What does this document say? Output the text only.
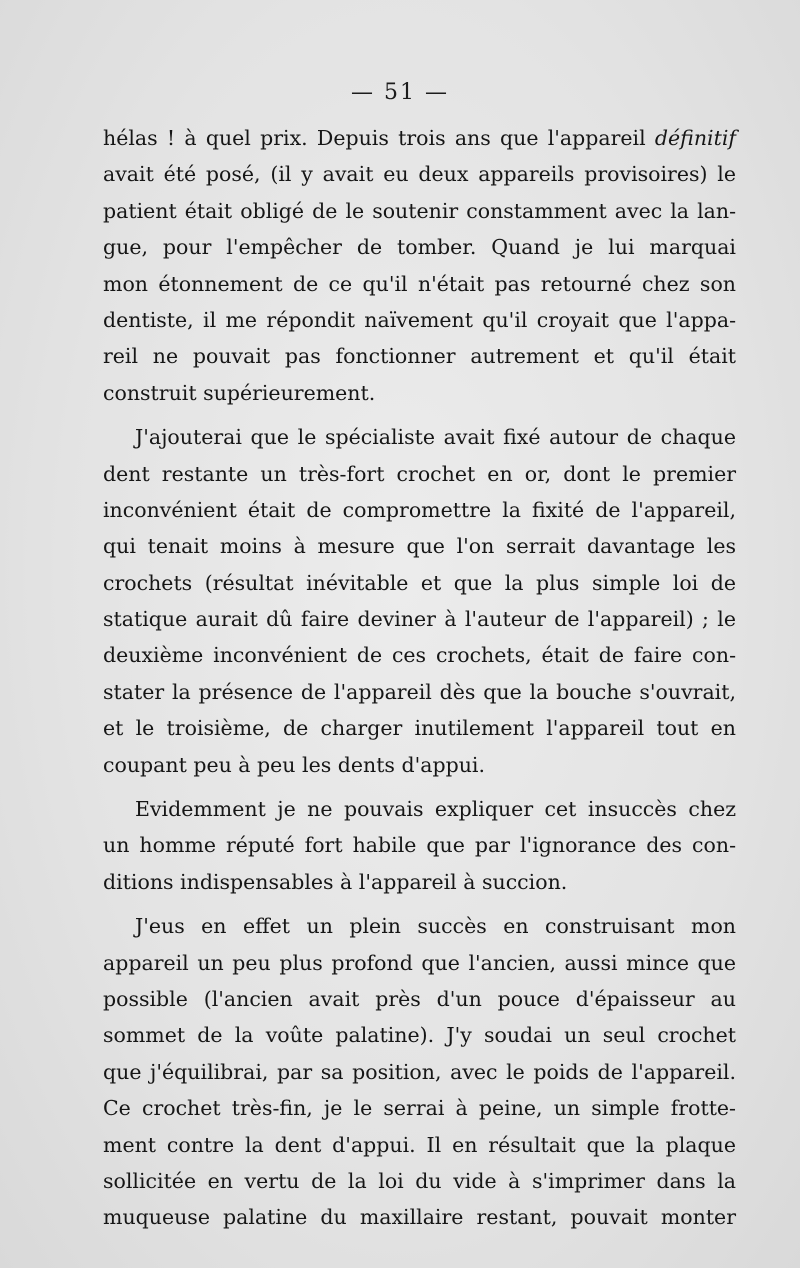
— 51 —
hélas ! à quel prix. Depuis trois ans que l'appareil définitif
avait été posé, (il y avait eu deux appareils provisoires) le
patient était obligé de le soutenir constamment avec la lan-
gue, pour l'empêcher de tomber. Quand je lui marquai
mon étonnement de ce qu'il n'était pas retourné chez son
dentiste, il me répondit naïvement qu'il croyait que l'appa-
reil ne pouvait pas fonctionner autrement et qu'il était
construit supérieurement.
J'ajouterai que le spécialiste avait fixé autour de chaque
dent restante un très-fort crochet en or, dont le premier
inconvénient était de compromettre la fixité de l'appareil,
qui tenait moins à mesure que l'on serrait davantage les
crochets (résultat inévitable et que la plus simple loi de
statique aurait dû faire deviner à l'auteur de l'appareil) ; le
deuxième inconvénient de ces crochets, était de faire con-
stater la présence de l'appareil dès que la bouche s'ouvrait,
et le troisième, de charger inutilement l'appareil tout en
coupant peu à peu les dents d'appui.
Evidemment je ne pouvais expliquer cet insuccès chez
un homme réputé fort habile que par l'ignorance des con-
ditions indispensables à l'appareil à succion.
J'eus en effet un plein succès en construisant mon
appareil un peu plus profond que l'ancien, aussi mince que
possible (l'ancien avait près d'un pouce d'épaisseur au
sommet de la voûte palatine). J'y soudai un seul crochet
que j'équilibrai, par sa position, avec le poids de l'appareil.
Ce crochet très-fin, je le serrai à peine, un simple frotte-
ment contre la dent d'appui. Il en résultait que la plaque
sollicitée en vertu de la loi du vide à s'imprimer dans la
muqueuse palatine du maxillaire restant, pouvait monter
